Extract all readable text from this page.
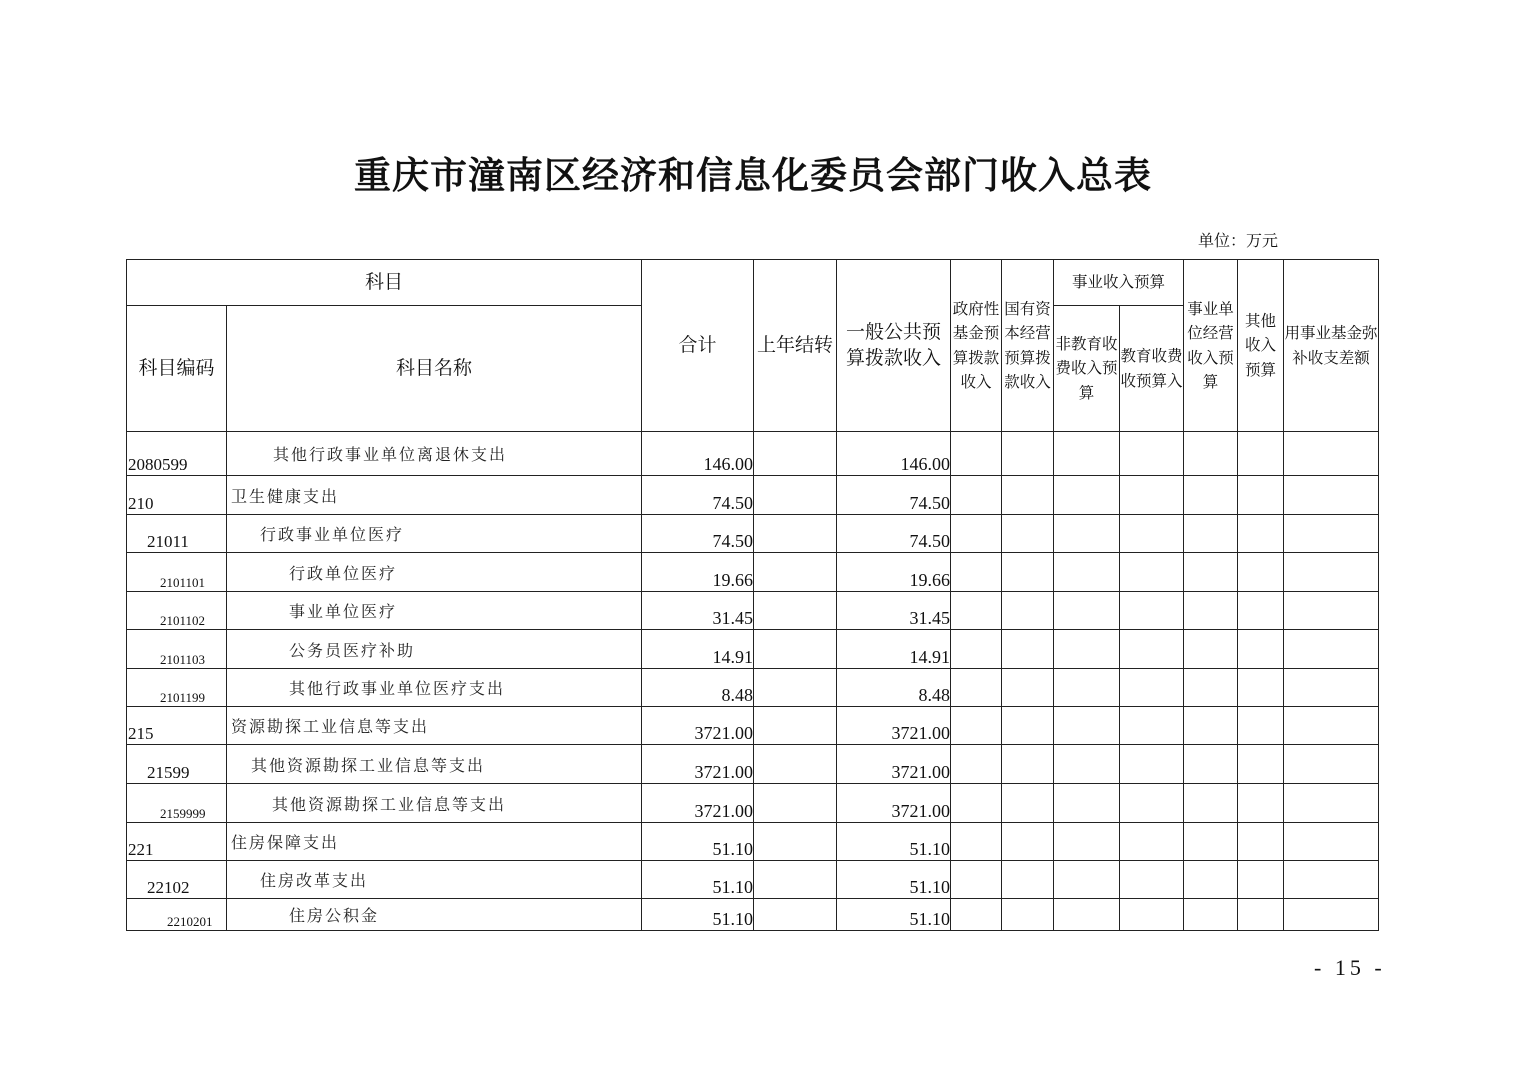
重庆市潼南区经济和信息化委员会部门收入总表
单位：万元
科目		合计	上年结转	一般公共预算拨款收入	政府性基金预算拨款收入	国有资本经营预算拨款收入	事业收入预算		事业单位经营收入预算	其他收入预算	用事业基金弥补收支差额
科目编码	科目名称						非教育收费收入预算	教育收费收预算入			

2080599	其他行政事业单位离退休支出	146.00		146.00							
210	卫生健康支出	74.50		74.50							
21011	行政事业单位医疗	74.50		74.50							
2101101	行政单位医疗	19.66		19.66							
2101102	事业单位医疗	31.45		31.45							
2101103	公务员医疗补助	14.91		14.91							
2101199	其他行政事业单位医疗支出	8.48		8.48							
215	资源勘探工业信息等支出	3721.00		3721.00							
21599	其他资源勘探工业信息等支出	3721.00		3721.00							
2159999	其他资源勘探工业信息等支出	3721.00		3721.00							
221	住房保障支出	51.10		51.10							
22102	住房改革支出	51.10		51.10							
2210201	住房公积金	51.10		51.10							
- 15 -
